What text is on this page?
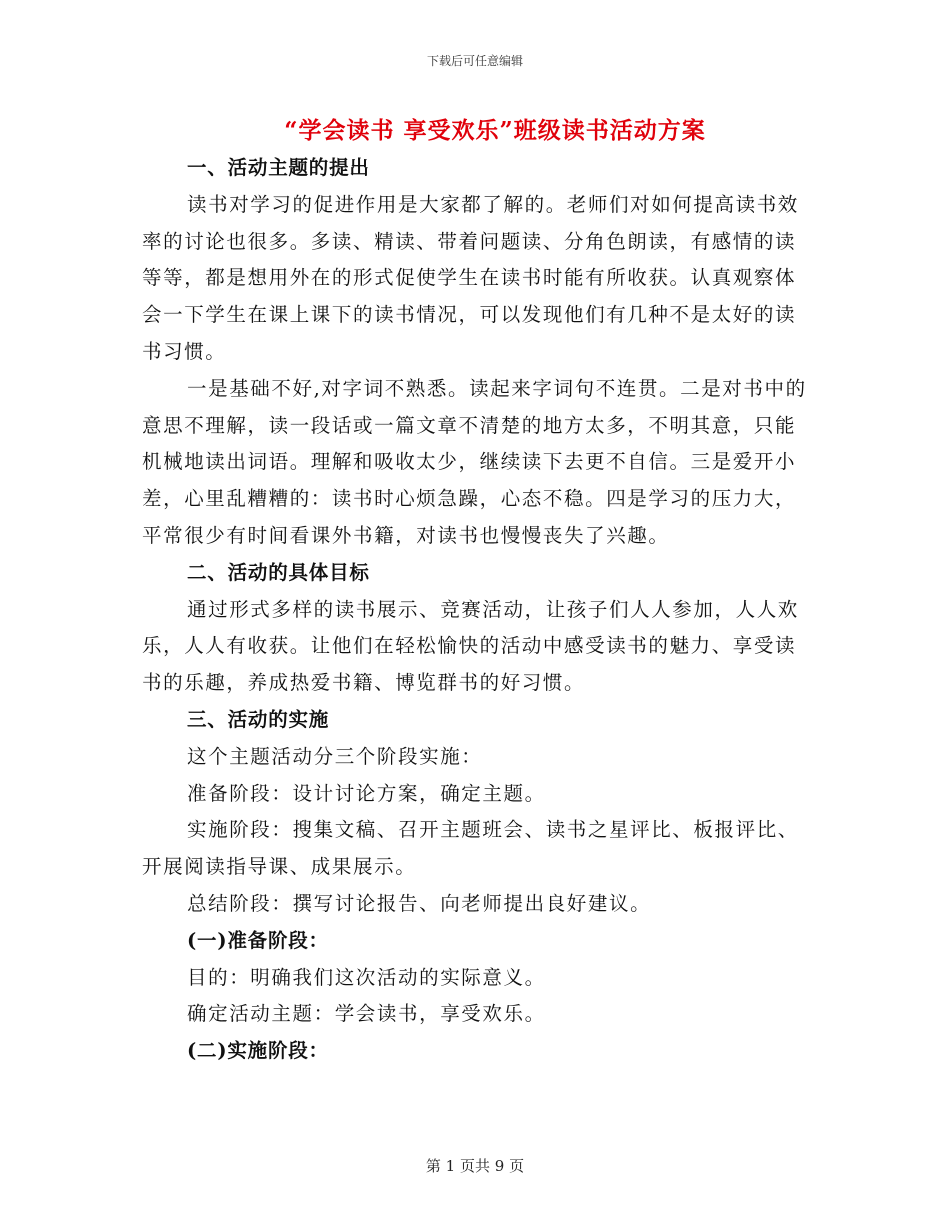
下载后可任意编辑
“学会读书 享受欢乐”班级读书活动方案
一、活动主题的提出

读书对学习的促进作用是大家都了解的。老师们对如何提高读书效率的讨论也很多。多读、精读、带着问题读、分角色朗读，有感情的读等等，都是想用外在的形式促使学生在读书时能有所收获。认真观察体会一下学生在课上课下的读书情况，可以发现他们有几种不是太好的读书习惯。

一是基础不好,对字词不熟悉。读起来字词句不连贯。二是对书中的意思不理解，读一段话或一篇文章不清楚的地方太多，不明其意，只能机械地读出词语。理解和吸收太少，继续读下去更不自信。三是爱开小差，心里乱糟糟的：读书时心烦急躁，心态不稳。四是学习的压力大，平常很少有时间看课外书籍，对读书也慢慢丧失了兴趣。

二、活动的具体目标

通过形式多样的读书展示、竞赛活动，让孩子们人人参加，人人欢乐，人人有收获。让他们在轻松愉快的活动中感受读书的魅力、享受读书的乐趣，养成热爱书籍、博览群书的好习惯。

三、活动的实施

这个主题活动分三个阶段实施：

准备阶段：设计讨论方案，确定主题。

实施阶段：搜集文稿、召开主题班会、读书之星评比、板报评比、开展阅读指导课、成果展示。

总结阶段：撰写讨论报告、向老师提出良好建议。

(一)准备阶段：

目的：明确我们这次活动的实际意义。

确定活动主题：学会读书，享受欢乐。

(二)实施阶段：
第 1 页共 9 页
